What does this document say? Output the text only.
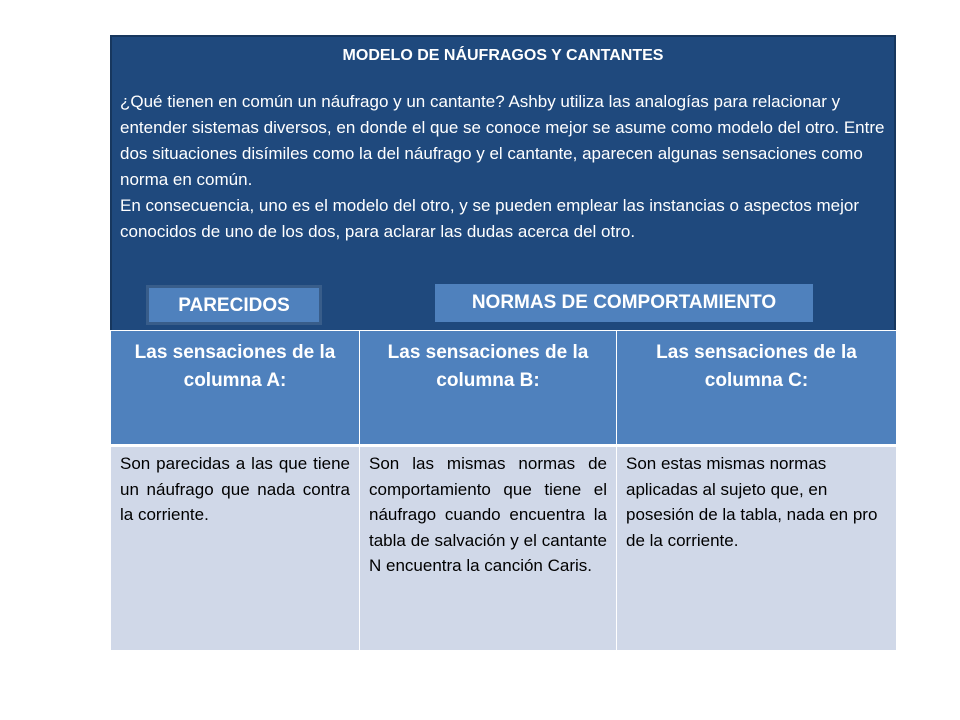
MODELO DE NÁUFRAGOS Y CANTANTES
¿Qué tienen en común un náufrago y un cantante? Ashby utiliza las analogías para relacionar y entender sistemas diversos, en donde el que se conoce mejor se asume como modelo del otro. Entre dos situaciones disímiles como la del náufrago y el cantante, aparecen algunas sensaciones como norma en común.
En consecuencia, uno es el modelo del otro, y se pueden emplear las instancias o aspectos mejor conocidos de uno de los dos, para aclarar las dudas acerca del otro.
PARECIDOS	NORMAS DE COMPORTAMIENTO
Las sensaciones de la columna A:	Las sensaciones de la columna B:	Las sensaciones de la columna C:
Son parecidas a las que tiene un náufrago que nada contra la corriente.	Son las mismas normas de comportamiento que tiene el náufrago cuando encuentra la tabla de salvación y el cantante N encuentra la canción Caris.	Son estas mismas normas aplicadas al sujeto que, en posesión de la tabla, nada en pro de la corriente.
